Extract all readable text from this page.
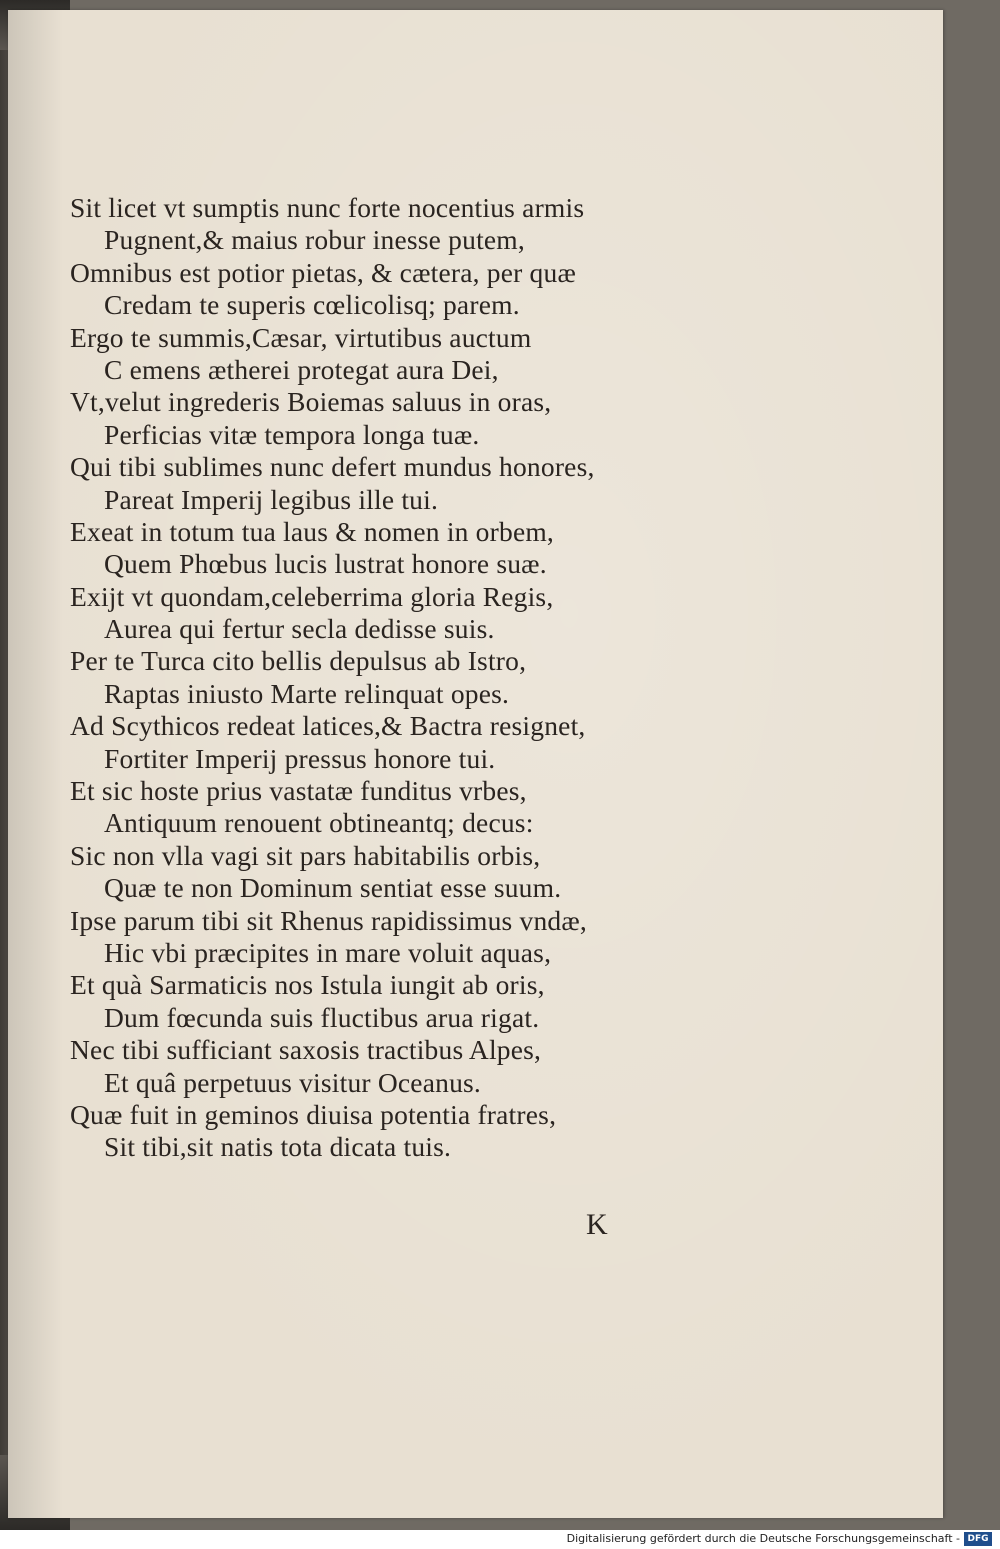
Sit licet vt sumptis nunc forte nocentius armis
Pugnent,& maius robur inesse putem,
Omnibus est potior pietas, & cætera, per quæ
Credam te superis cœlicolisq; parem.
Ergo te summis,Cæsar, virtutibus auctum
C emens ætherei protegat aura Dei,
Vt,velut ingrederis Boiemas saluus in oras,
Perficias vitæ tempora longa tuæ.
Qui tibi sublimes nunc defert mundus honores,
Pareat Imperij legibus ille tui.
Exeat in totum tua laus & nomen in orbem,
Quem Phœbus lucis lustrat honore suæ.
Exijt vt quondam,celeberrima gloria Regis,
Aurea qui fertur secla dedisse suis.
Per te Turca cito bellis depulsus ab Istro,
Raptas iniusto Marte relinquat opes.
Ad Scythicos redeat latices,& Bactra resignet,
Fortiter Imperij pressus honore tui.
Et sic hoste prius vastatæ funditus vrbes,
Antiquum renouent obtineantq; decus:
Sic non vlla vagi sit pars habitabilis orbis,
Quæ te non Dominum sentiat esse suum.
Ipse parum tibi sit Rhenus rapidissimus vndæ,
Hic vbi præcipites in mare voluit aquas,
Et quà Sarmaticis nos Istula iungit ab oris,
Dum fœcunda suis fluctibus arua rigat.
Nec tibi sufficiant saxosis tractibus Alpes,
Et quâ perpetuus visitur Oceanus.
Quæ fuit in geminos diuisa potentia fratres,
Sit tibi,sit natis tota dicata tuis.
K
Digitalisierung gefördert durch die Deutsche Forschungsgemeinschaft - DFG
